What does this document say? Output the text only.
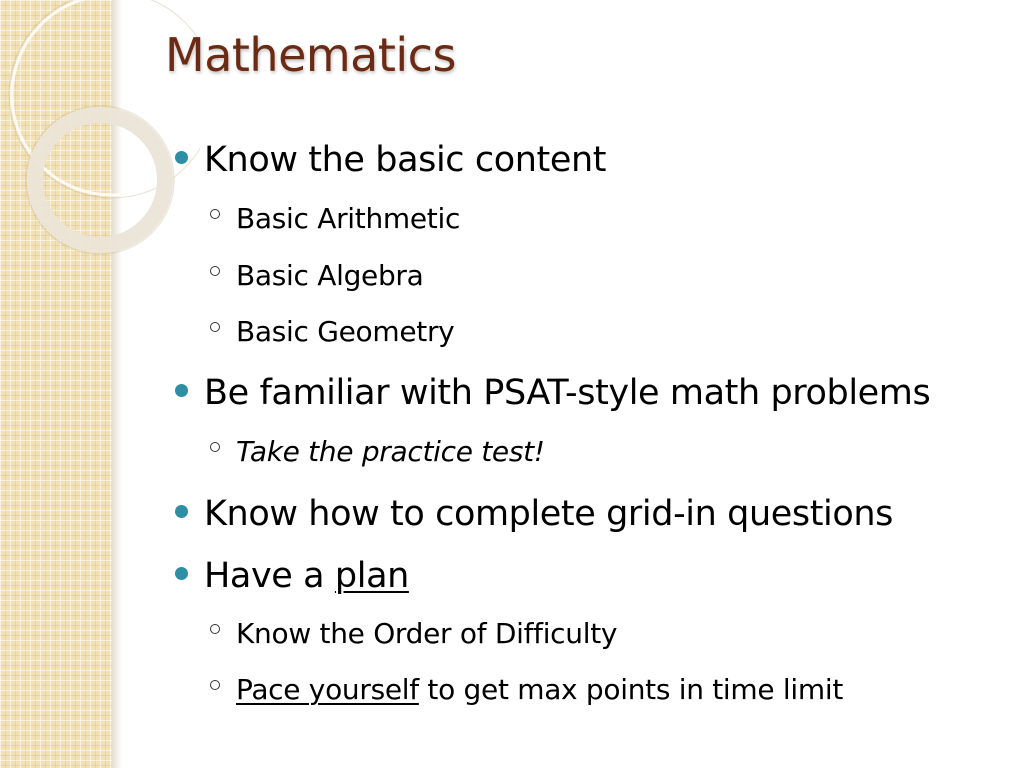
Mathematics
Know the basic content
Basic Arithmetic
Basic Algebra
Basic Geometry
Be familiar with PSAT-style math problems
Take the practice test!
Know how to complete grid-in questions
Have a plan
Know the Order of Difficulty
Pace yourself to get max points in time limit
